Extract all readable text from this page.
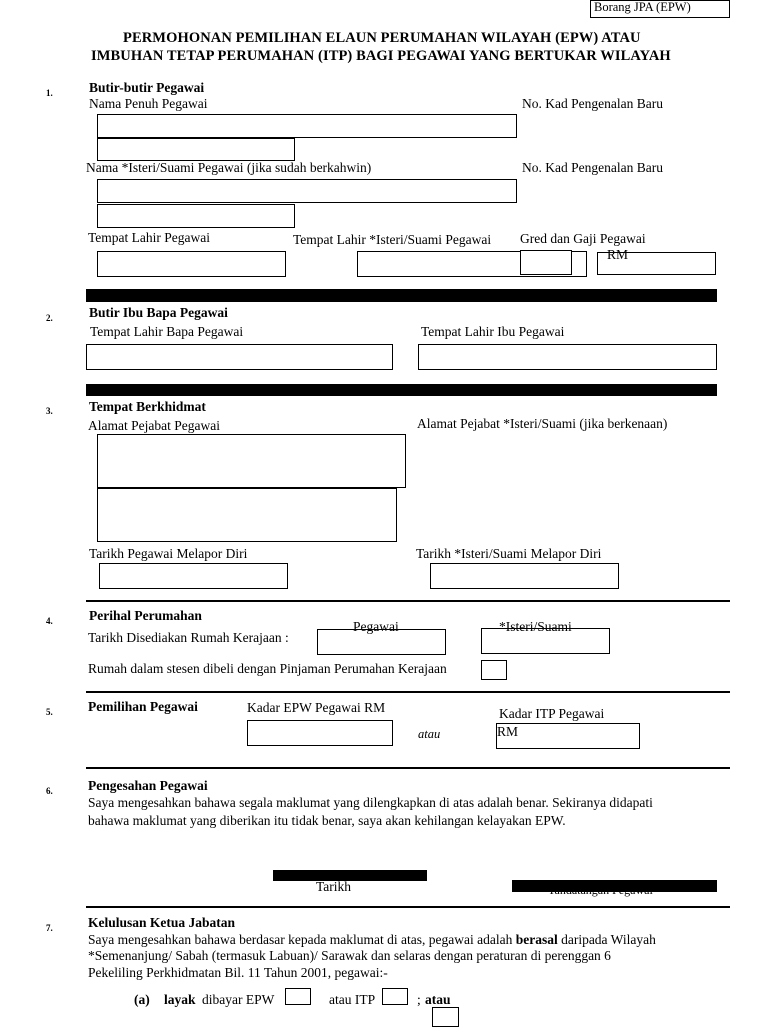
Borang JPA (EPW)
PERMOHONAN PEMILIHAN ELAUN PERUMAHAN WILAYAH (EPW) ATAU
IMBUHAN TETAP PERUMAHAN (ITP) BAGI PEGAWAI YANG BERTUKAR WILAYAH
1.	Butir-butir Pegawai
Nama Penuh Pegawai	No. Kad Pengenalan Baru
Nama *Isteri/Suami Pegawai (jika sudah berkahwin)	No. Kad Pengenalan Baru
Tempat Lahir Pegawai	Tempat Lahir *Isteri/Suami Pegawai Gred dan Gaji Pegawai
RM
2.	Butir Ibu Bapa Pegawai
Tempat Lahir Bapa Pegawai	Tempat Lahir Ibu Pegawai
3.	Tempat Berkhidmat
Alamat Pejabat Pegawai	Alamat Pejabat *Isteri/Suami (jika berkenaan)
Tarikh Pegawai Melapor Diri	Tarikh *Isteri/Suami Melapor Diri
4.	Perihal Perumahan
Tarikh Disediakan Rumah Kerajaan :
Pegawai	*Isteri/Suami
Rumah dalam stesen dibeli dengan Pinjaman Perumahan Kerajaan
5.	Pemilihan Pegawai	Kadar EPW Pegawai RM
atau
Kadar ITP Pegawai
RM
6.	Pengesahan Pegawai
Saya mengesahkan bahawa segala maklumat yang dilengkapkan di atas adalah benar. Sekiranya didapati
bahawa maklumat yang diberikan itu tidak benar, saya akan kehilangan kelayakan EPW.
Tarikh
7.	Kelulusan Ketua Jabatan
Saya mengesahkan bahawa berdasar kepada maklumat di atas, pegawai adalah berasal daripada Wilayah
*Semenanjung/ Sabah (termasuk Labuan)/ Sarawak dan selaras dengan peraturan di perenggan 6
Pekeliling Perkhidmatan Bil. 11 Tahun 2001, pegawai:-
(a) layak dibayar EPW	atau ITP	; atau
